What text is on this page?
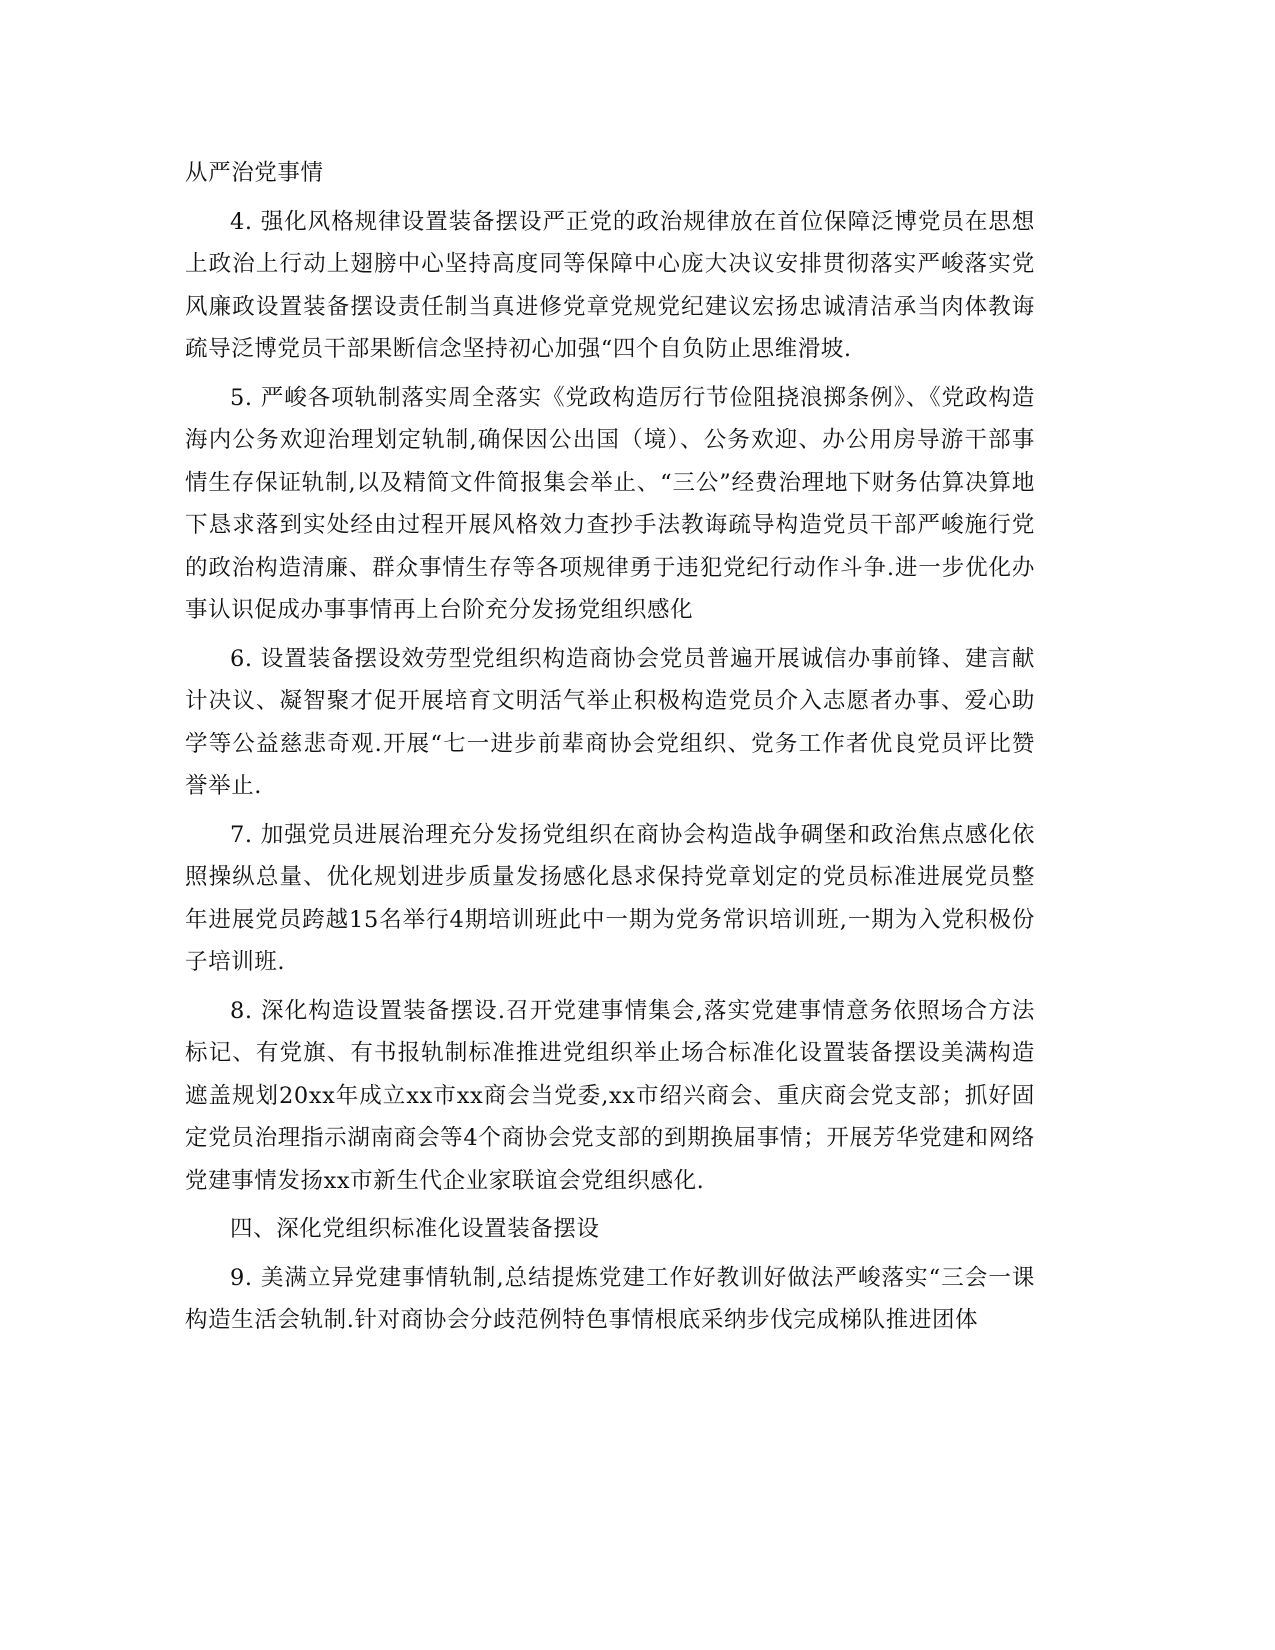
从严治党事情

4. 强化风格规律设置装备摆设严正党的政治规律放在首位保障泛博党员在思想上政治上行动上翅膀中心坚持高度同等保障中心庞大决议安排贯彻落实严峻落实党风廉政设置装备摆设责任制当真进修党章党规党纪建议宏扬忠诚清洁承当肉体教诲疏导泛博党员干部果断信念坚持初心加强“四个自负防止思维滑坡.

5. 严峻各项轨制落实周全落实《党政构造厉行节俭阻挠浪掷条例》、《党政构造海内公务欢迎治理划定轨制,确保因公出国（境）、公务欢迎、办公用房导游干部事情生存保证轨制,以及精简文件简报集会举止、“三公”经费治理地下财务估算决算地下恳求落到实处经由过程开展风格效力查抄手法教诲疏导构造党员干部严峻施行党的政治构造清廉、群众事情生存等各项规律勇于违犯党纪行动作斗争.进一步优化办事认识促成办事事情再上台阶充分发扬党组织感化

6. 设置装备摆设效劳型党组织构造商协会党员普遍开展诚信办事前锋、建言献计决议、凝智聚才促开展培育文明活气举止积极构造党员介入志愿者办事、爱心助学等公益慈悲奇观.开展“七一进步前辈商协会党组织、党务工作者优良党员评比赞誉举止.

7. 加强党员进展治理充分发扬党组织在商协会构造战争碉堡和政治焦点感化依照操纵总量、优化规划进步质量发扬感化恳求保持党章划定的党员标准进展党员整年进展党员跨越15名举行4期培训班此中一期为党务常识培训班,一期为入党积极份子培训班.

8. 深化构造设置装备摆设.召开党建事情集会,落实党建事情意务依照场合方法标记、有党旗、有书报轨制标准推进党组织举止场合标准化设置装备摆设美满构造遮盖规划20xx年成立xx市xx商会当党委,xx市绍兴商会、重庆商会党支部；抓好固定党员治理指示湖南商会等4个商协会党支部的到期换届事情；开展芳华党建和网络党建事情发扬xx市新生代企业家联谊会党组织感化.

四、深化党组织标准化设置装备摆设

9. 美满立异党建事情轨制,总结提炼党建工作好教训好做法严峻落实“三会一课构造生活会轨制.针对商协会分歧范例特色事情根底采纳步伐完成梯队推进团体
